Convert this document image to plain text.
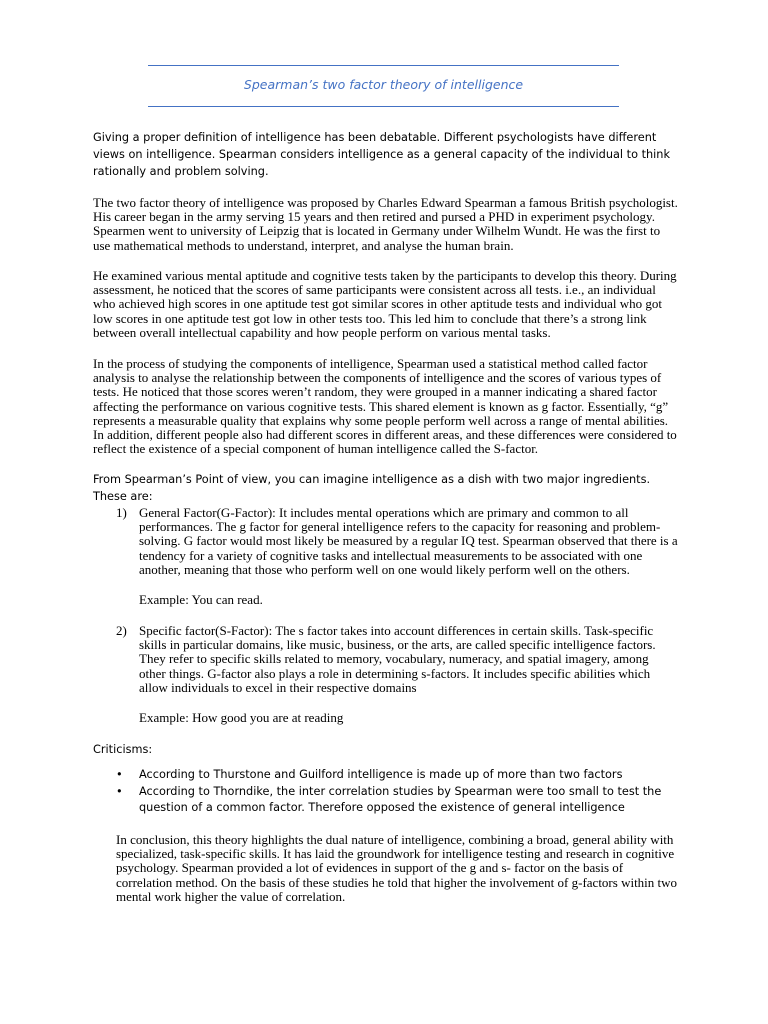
Spearman’s two factor theory of intelligence

Giving a proper definition of intelligence has been debatable. Different psychologists have different views on intelligence. Spearman considers intelligence as a general capacity of the individual to think rationally and problem solving.

The two factor theory of intelligence was proposed by Charles Edward Spearman a famous British psychologist. His career began in the army serving 15 years and then retired and pursed a PHD in experiment psychology. Spearmen went to university of Leipzig that is located in Germany under Wilhelm Wundt. He was the first to use mathematical methods to understand, interpret, and analyse the human brain.

He examined various mental aptitude and cognitive tests taken by the participants to develop this theory. During assessment, he noticed that the scores of same participants were consistent across all tests. i.e., an individual who achieved high scores in one aptitude test got similar scores in other aptitude tests and individual who got low scores in one aptitude test got low in other tests too. This led him to conclude that there’s a strong link between overall intellectual capability and how people perform on various mental tasks.

In the process of studying the components of intelligence, Spearman used a statistical method called factor analysis to analyse the relationship between the components of intelligence and the scores of various types of tests. He noticed that those scores weren’t random, they were grouped in a manner indicating a shared factor affecting the performance on various cognitive tests. This shared element is known as g factor. Essentially, “g” represents a measurable quality that explains why some people perform well across a range of mental abilities. In addition, different people also had different scores in different areas, and these differences were considered to reflect the existence of a special component of human intelligence called the S-factor.

From Spearman’s Point of view, you can imagine intelligence as a dish with two major ingredients. These are:

1) General Factor(G-Factor): It includes mental operations which are primary and common to all performances. The g factor for general intelligence refers to the capacity for reasoning and problem-solving. G factor would most likely be measured by a regular IQ test. Spearman observed that there is a tendency for a variety of cognitive tasks and intellectual measurements to be associated with one another, meaning that those who perform well on one would likely perform well on the others.

Example: You can read.

2) Specific factor(S-Factor): The s factor takes into account differences in certain skills. Task-specific skills in particular domains, like music, business, or the arts, are called specific intelligence factors. They refer to specific skills related to memory, vocabulary, numeracy, and spatial imagery, among other things. G-factor also plays a role in determining s-factors. It includes specific abilities which allow individuals to excel in their respective domains

Example: How good you are at reading

Criticisms:

• According to Thurstone and Guilford intelligence is made up of more than two factors

• According to Thorndike, the inter correlation studies by Spearman were too small to test the question of a common factor. Therefore opposed the existence of general intelligence

In conclusion, this theory highlights the dual nature of intelligence, combining a broad, general ability with specialized, task-specific skills. It has laid the groundwork for intelligence testing and research in cognitive psychology. Spearman provided a lot of evidences in support of the g and s- factor on the basis of correlation method. On the basis of these studies he told that higher the involvement of g-factors within two mental work higher the value of correlation.
